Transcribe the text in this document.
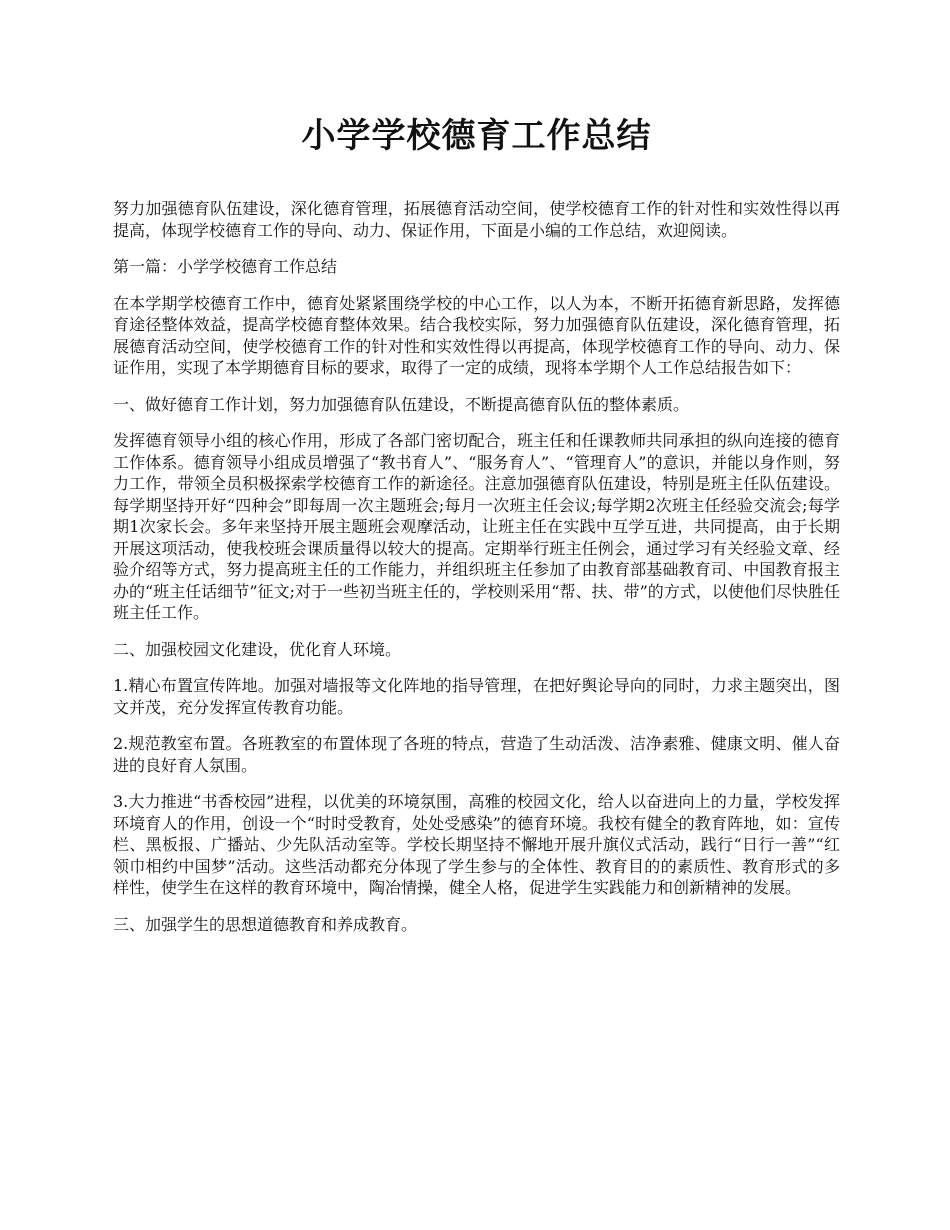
小学学校德育工作总结

努力加强德育队伍建设，深化德育管理，拓展德育活动空间，使学校德育工作的针对性和实效性得以再提高，体现学校德育工作的导向、动力、保证作用，下面是小编的工作总结，欢迎阅读。

第一篇：小学学校德育工作总结

在本学期学校德育工作中，德育处紧紧围绕学校的中心工作，以人为本，不断开拓德育新思路，发挥德育途径整体效益，提高学校德育整体效果。结合我校实际，努力加强德育队伍建设，深化德育管理，拓展德育活动空间，使学校德育工作的针对性和实效性得以再提高，体现学校德育工作的导向、动力、保证作用，实现了本学期德育目标的要求，取得了一定的成绩，现将本学期个人工作总结报告如下：

一、做好德育工作计划，努力加强德育队伍建设，不断提高德育队伍的整体素质。

发挥德育领导小组的核心作用，形成了各部门密切配合，班主任和任课教师共同承担的纵向连接的德育工作体系。德育领导小组成员增强了“教书育人”、“服务育人”、“管理育人”的意识，并能以身作则，努力工作，带领全员积极探索学校德育工作的新途径。注意加强德育队伍建设，特别是班主任队伍建设。每学期坚持开好“四种会”即每周一次主题班会;每月一次班主任会议;每学期2次班主任经验交流会;每学期1次家长会。多年来坚持开展主题班会观摩活动，让班主任在实践中互学互进，共同提高，由于长期开展这项活动，使我校班会课质量得以较大的提高。定期举行班主任例会，通过学习有关经验文章、经验介绍等方式，努力提高班主任的工作能力，并组织班主任参加了由教育部基础教育司、中国教育报主办的“班主任话细节”征文;对于一些初当班主任的，学校则采用“帮、扶、带”的方式，以使他们尽快胜任班主任工作。

二、加强校园文化建设，优化育人环境。

1.精心布置宣传阵地。加强对墙报等文化阵地的指导管理，在把好舆论导向的同时，力求主题突出，图文并茂，充分发挥宣传教育功能。

2.规范教室布置。各班教室的布置体现了各班的特点，营造了生动活泼、洁净素雅、健康文明、催人奋进的良好育人氛围。

3.大力推进“书香校园”进程，以优美的环境氛围，高雅的校园文化，给人以奋进向上的力量，学校发挥环境育人的作用，创设一个“时时受教育，处处受感染”的德育环境。我校有健全的教育阵地，如：宣传栏、黑板报、广播站、少先队活动室等。学校长期坚持不懈地开展升旗仪式活动，践行“日行一善”“红领巾相约中国梦”活动。这些活动都充分体现了学生参与的全体性、教育目的的素质性、教育形式的多样性，使学生在这样的教育环境中，陶冶情操，健全人格，促进学生实践能力和创新精神的发展。

三、加强学生的思想道德教育和养成教育。
